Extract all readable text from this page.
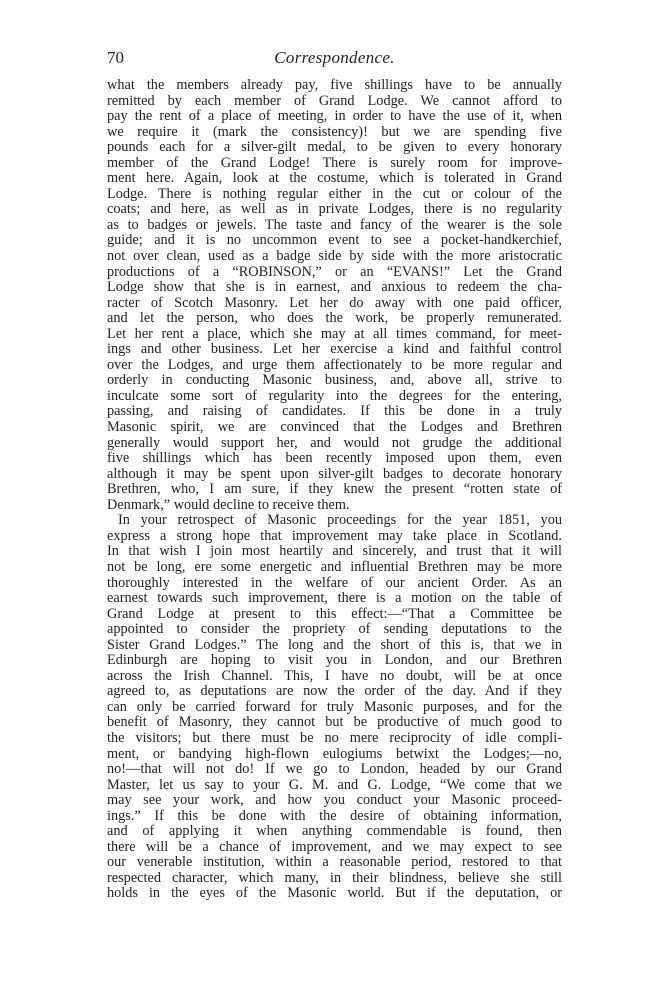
70	Correspondence.
what the members already pay, five shillings have to be annually
remitted by each member of Grand Lodge. We cannot afford to
pay the rent of a place of meeting, in order to have the use of it, when
we require it (mark the consistency)! but we are spending five
pounds each for a silver-gilt medal, to be given to every honorary
member of the Grand Lodge! There is surely room for improve-
ment here. Again, look at the costume, which is tolerated in Grand
Lodge. There is nothing regular either in the cut or colour of the
coats; and here, as well as in private Lodges, there is no regularity
as to badges or jewels. The taste and fancy of the wearer is the sole
guide; and it is no uncommon event to see a pocket-handkerchief,
not over clean, used as a badge side by side with the more aristocratic
productions of a “ROBINSON,” or an “EVANS!” Let the Grand
Lodge show that she is in earnest, and anxious to redeem the cha-
racter of Scotch Masonry. Let her do away with one paid officer,
and let the person, who does the work, be properly remunerated.
Let her rent a place, which she may at all times command, for meet-
ings and other business. Let her exercise a kind and faithful control
over the Lodges, and urge them affectionately to be more regular and
orderly in conducting Masonic business, and, above all, strive to
inculcate some sort of regularity into the degrees for the entering,
passing, and raising of candidates. If this be done in a truly
Masonic spirit, we are convinced that the Lodges and Brethren
generally would support her, and would not grudge the additional
five shillings which has been recently imposed upon them, even
although it may be spent upon silver-gilt badges to decorate honorary
Brethren, who, I am sure, if they knew the present “rotten state of
Denmark,” would decline to receive them.
In your retrospect of Masonic proceedings for the year 1851, you
express a strong hope that improvement may take place in Scotland.
In that wish I join most heartily and sincerely, and trust that it will
not be long, ere some energetic and influential Brethren may be more
thoroughly interested in the welfare of our ancient Order. As an
earnest towards such improvement, there is a motion on the table of
Grand Lodge at present to this effect:—“That a Committee be
appointed to consider the propriety of sending deputations to the
Sister Grand Lodges.” The long and the short of this is, that we in
Edinburgh are hoping to visit you in London, and our Brethren
across the Irish Channel. This, I have no doubt, will be at once
agreed to, as deputations are now the order of the day. And if they
can only be carried forward for truly Masonic purposes, and for the
benefit of Masonry, they cannot but be productive of much good to
the visitors; but there must be no mere reciprocity of idle compli-
ment, or bandying high-flown eulogiums betwixt the Lodges;—no,
no!—that will not do! If we go to London, headed by our Grand
Master, let us say to your G. M. and G. Lodge, “We come that we
may see your work, and how you conduct your Masonic proceed-
ings.” If this be done with the desire of obtaining information,
and of applying it when anything commendable is found, then
there will be a chance of improvement, and we may expect to see
our venerable institution, within a reasonable period, restored to that
respected character, which many, in their blindness, believe she still
holds in the eyes of the Masonic world. But if the deputation, or
